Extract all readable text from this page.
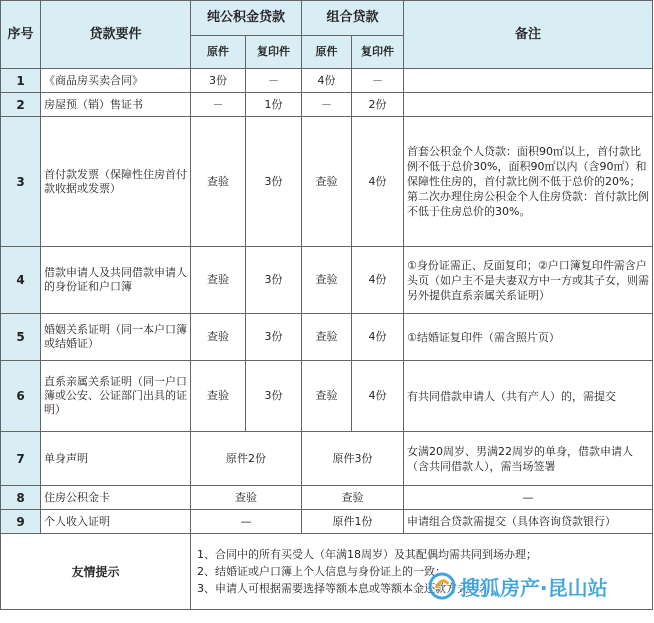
序号	贷款要件	纯公积金贷款		组合贷款		备注
		原件	复印件	原件	复印件	
1	《商品房买卖合同》	3份	－	4份	－	
2	房屋预（销）售证书	－	1份	－	2份	
3	首付款发票（保障性住房首付款收据或发票）	查验	3份	查验	4份	首套公积金个人贷款：面积90㎡以上，首付款比例不低于总价30%，面积90㎡以内（含90㎡）和保障性住房的，首付款比例不低于总价的20%；
第二次办理住房公积金个人住房贷款：首付款比例不低于住房总价的30%。
4	借款申请人及共同借款申请人的身份证和户口簿	查验	3份	查验	4份	①身份证需正、反面复印；②户口簿复印件需含户头页（如户主不是夫妻双方中一方或其子女，则需另外提供直系亲属关系证明）
5	婚姻关系证明（同一本户口簿或结婚证）	查验	3份	查验	4份	①结婚证复印件（需含照片页）
6	直系亲属关系证明（同一户口簿或公安、公证部门出具的证明）	查验	3份	查验	4份	有共同借款申请人（共有产人）的，需提交
7	单身声明	原件2份		原件3份		女满20周岁、男满22周岁的单身，借款申请人（含共同借款人），需当场签署
8	住房公积金卡	查验		查验		—
9	个人收入证明	—		原件1份		申请组合贷款需提交（具体咨询贷款银行）
友情提示		1、合同中的所有买受人（年满18周岁）及其配偶均需共同到场办理；
2、结婚证或户口簿上个人信息与身份证上的一致；
3、申请人可根据需要选择等额本息或等额本金还款方式还款。				
搜狐房产·昆山站
